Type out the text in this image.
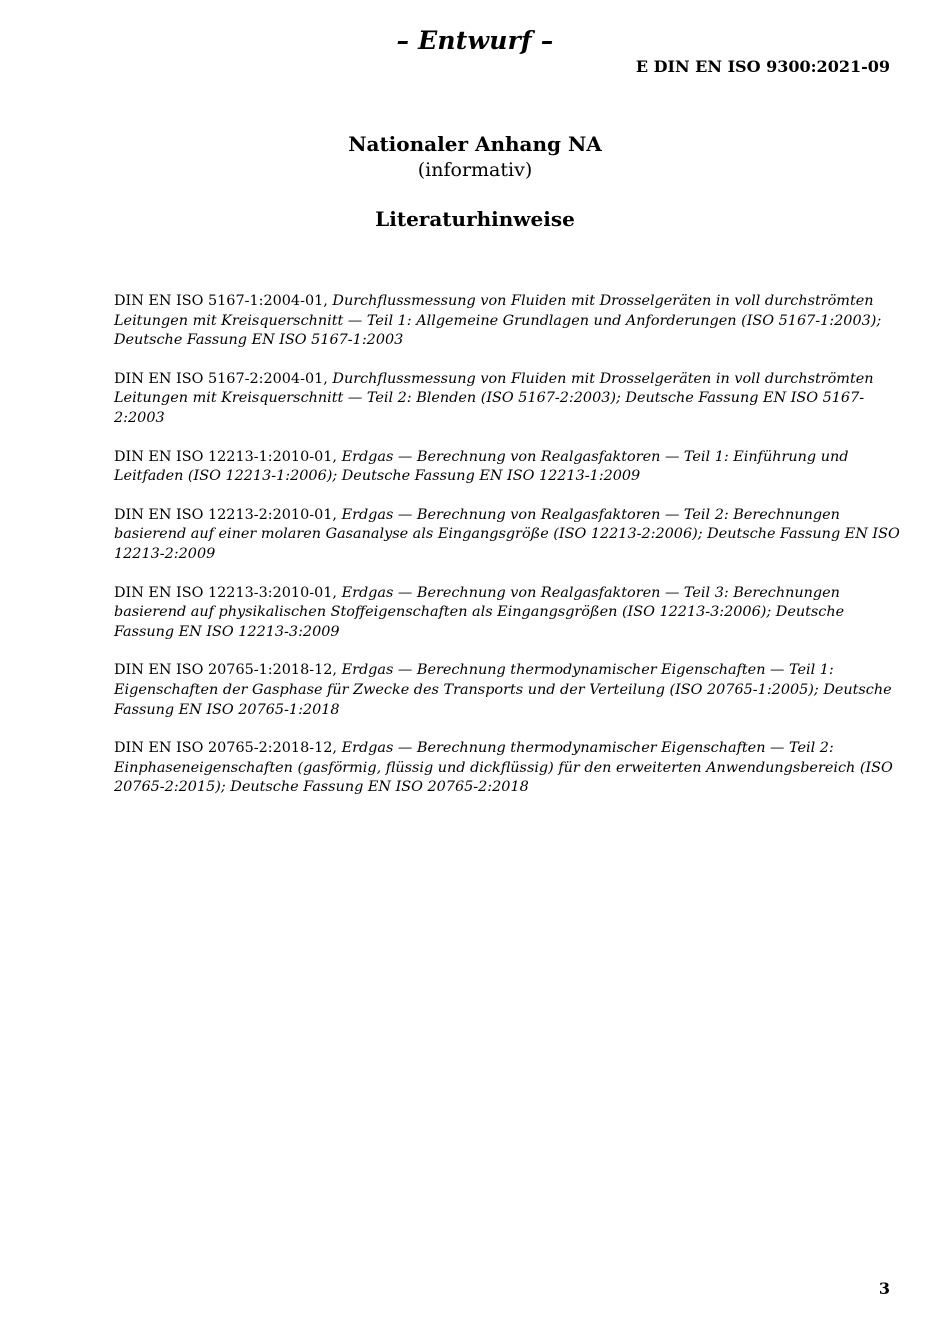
– Entwurf –
E DIN EN ISO 9300:2021-09
Nationaler Anhang NA
(informativ)
Literaturhinweise

DIN EN ISO 5167-1:2004-01, Durchflussmessung von Fluiden mit Drosselgeräten in voll durchströmten Leitungen mit Kreisquerschnitt — Teil 1: Allgemeine Grundlagen und Anforderungen (ISO 5167-1:2003); Deutsche Fassung EN ISO 5167-1:2003

DIN EN ISO 5167-2:2004-01, Durchflussmessung von Fluiden mit Drosselgeräten in voll durchströmten Leitungen mit Kreisquerschnitt — Teil 2: Blenden (ISO 5167-2:2003); Deutsche Fassung EN ISO 5167-2:2003

DIN EN ISO 12213-1:2010-01, Erdgas — Berechnung von Realgasfaktoren — Teil 1: Einführung und Leitfaden (ISO 12213-1:2006); Deutsche Fassung EN ISO 12213-1:2009

DIN EN ISO 12213-2:2010-01, Erdgas — Berechnung von Realgasfaktoren — Teil 2: Berechnungen basierend auf einer molaren Gasanalyse als Eingangsgröße (ISO 12213-2:2006); Deutsche Fassung EN ISO 12213-2:2009

DIN EN ISO 12213-3:2010-01, Erdgas — Berechnung von Realgasfaktoren — Teil 3: Berechnungen basierend auf physikalischen Stoffeigenschaften als Eingangsgrößen (ISO 12213-3:2006); Deutsche Fassung EN ISO 12213-3:2009

DIN EN ISO 20765-1:2018-12, Erdgas — Berechnung thermodynamischer Eigenschaften — Teil 1: Eigenschaften der Gasphase für Zwecke des Transports und der Verteilung (ISO 20765-1:2005); Deutsche Fassung EN ISO 20765-1:2018

DIN EN ISO 20765-2:2018-12, Erdgas — Berechnung thermodynamischer Eigenschaften — Teil 2: Einphaseneigenschaften (gasförmig, flüssig und dickflüssig) für den erweiterten Anwendungsbereich (ISO 20765-2:2015); Deutsche Fassung EN ISO 20765-2:2018

3
